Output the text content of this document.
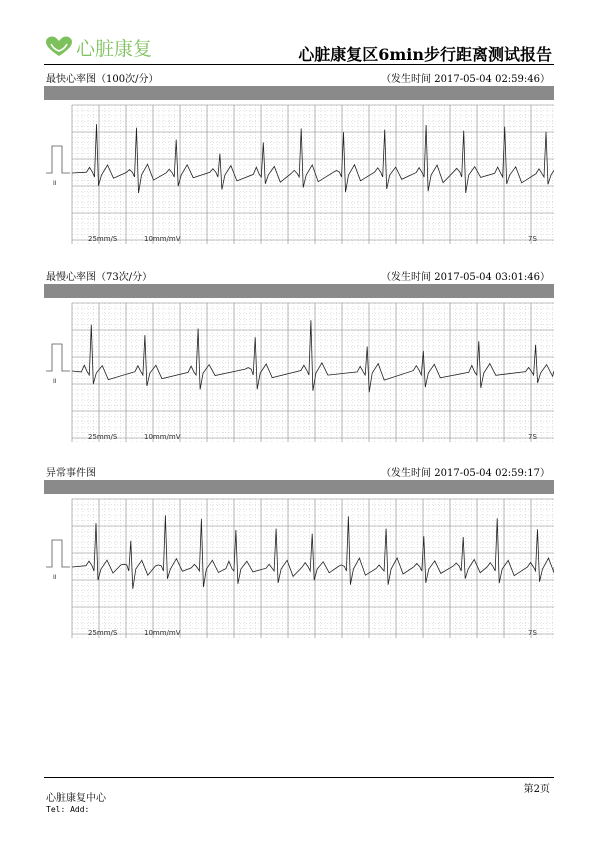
心脏康复	心脏康复区6min步行距离测试报告
最快心率图（100次/分）	（发生时间 2017-05-04 02:59:46）
II
25mm/S	10mm/mV	7S
最慢心率图（73次/分）	（发生时间 2017-05-04 03:01:46）
II
25mm/S	10mm/mV	7S
异常事件图	（发生时间 2017-05-04 02:59:17）
II
25mm/S	10mm/mV	7S
第2页
心脏康复中心
Tel: Add:
